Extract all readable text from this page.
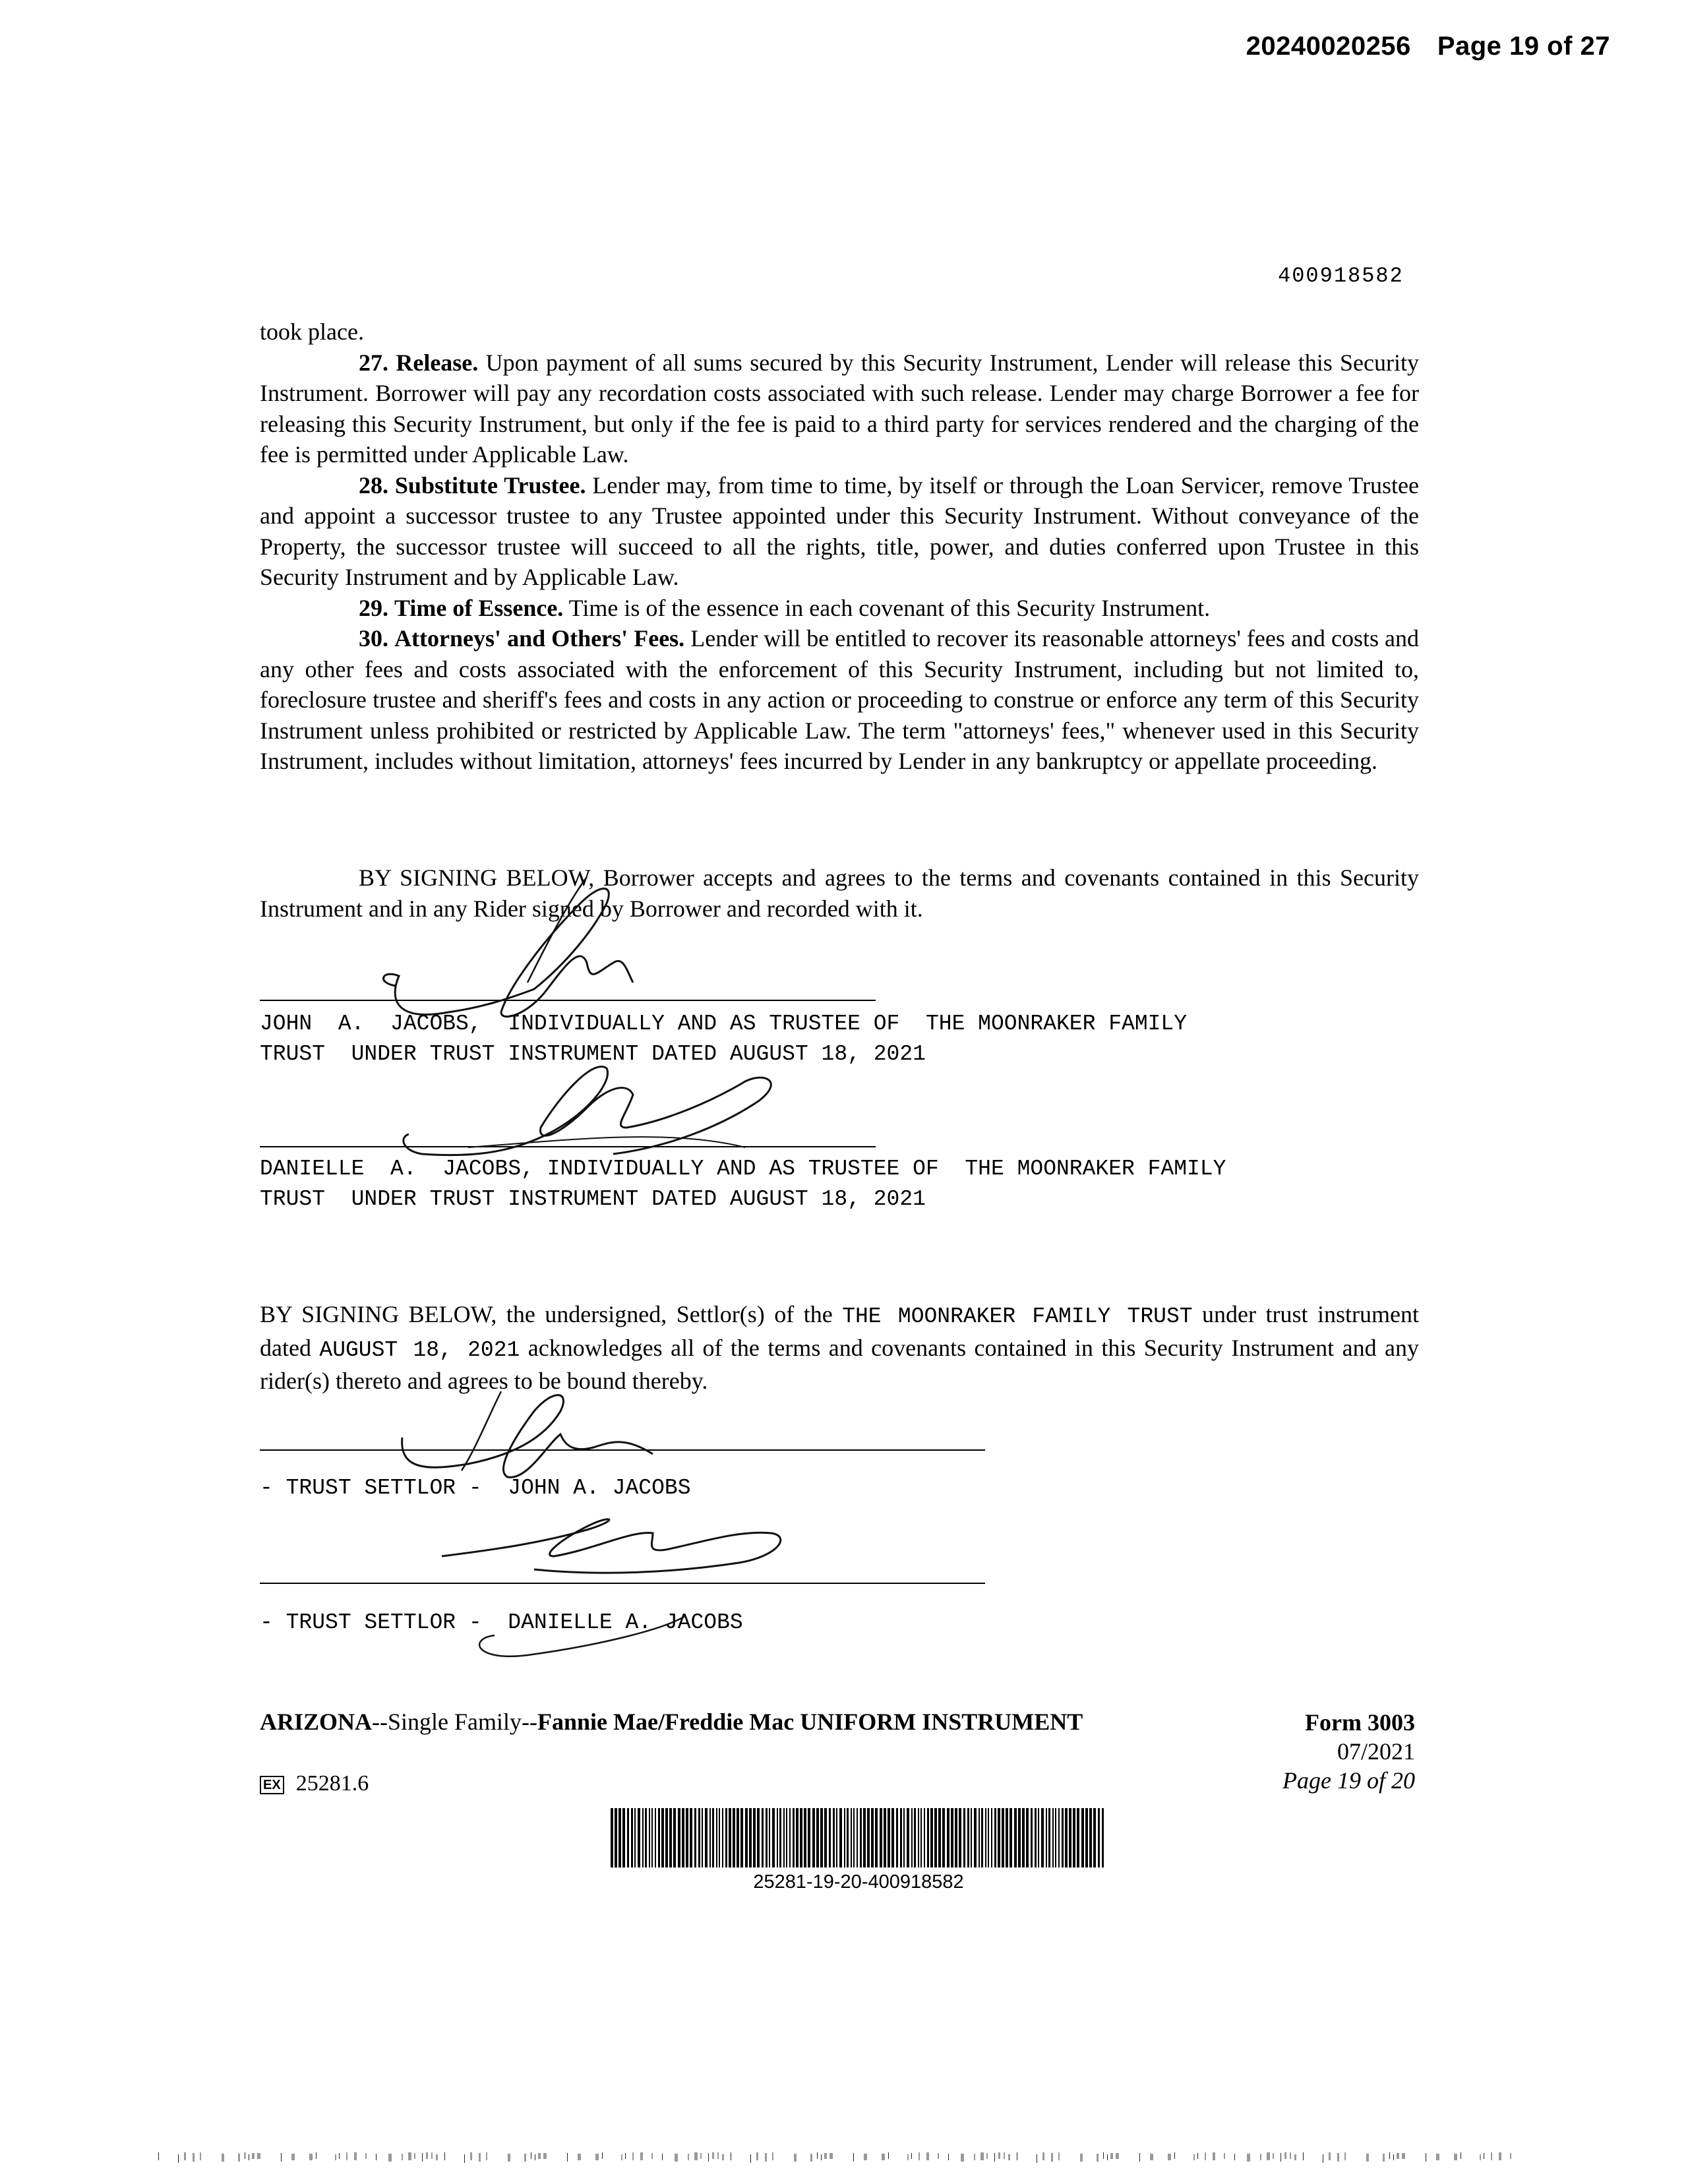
20240020256 Page 19 of 27
400918582

took place.

27. Release. Upon payment of all sums secured by this Security Instrument, Lender will release this Security Instrument. Borrower will pay any recordation costs associated with such release. Lender may charge Borrower a fee for releasing this Security Instrument, but only if the fee is paid to a third party for services rendered and the charging of the fee is permitted under Applicable Law.

28. Substitute Trustee. Lender may, from time to time, by itself or through the Loan Servicer, remove Trustee and appoint a successor trustee to any Trustee appointed under this Security Instrument. Without conveyance of the Property, the successor trustee will succeed to all the rights, title, power, and duties conferred upon Trustee in this Security Instrument and by Applicable Law.

29. Time of Essence. Time is of the essence in each covenant of this Security Instrument.

30. Attorneys' and Others' Fees. Lender will be entitled to recover its reasonable attorneys' fees and costs and any other fees and costs associated with the enforcement of this Security Instrument, including but not limited to, foreclosure trustee and sheriff's fees and costs in any action or proceeding to construe or enforce any term of this Security Instrument unless prohibited or restricted by Applicable Law. The term "attorneys' fees," whenever used in this Security Instrument, includes without limitation, attorneys' fees incurred by Lender in any bankruptcy or appellate proceeding.

BY SIGNING BELOW, Borrower accepts and agrees to the terms and covenants contained in this Security Instrument and in any Rider signed by Borrower and recorded with it.

JOHN  A.  JACOBS,  INDIVIDUALLY AND AS TRUSTEE OF  THE MOONRAKER FAMILY
TRUST  UNDER TRUST INSTRUMENT DATED AUGUST 18, 2021
DANIELLE  A.  JACOBS, INDIVIDUALLY AND AS TRUSTEE OF  THE MOONRAKER FAMILY
TRUST  UNDER TRUST INSTRUMENT DATED AUGUST 18, 2021

BY SIGNING BELOW, the undersigned, Settlor(s) of the THE MOONRAKER FAMILY TRUST under trust instrument dated AUGUST 18, 2021 acknowledges all of the terms and covenants contained in this Security Instrument and any rider(s) thereto and agrees to be bound thereby.

- TRUST SETTLOR -  JOHN A. JACOBS
- TRUST SETTLOR -  DANIELLE A. JACOBS
ARIZONA--Single Family--Fannie Mae/Freddie Mac UNIFORM INSTRUMENT	Form 3003
07/2021
Page 19 of 20
EX 25281.6
25281-19-20-400918582
